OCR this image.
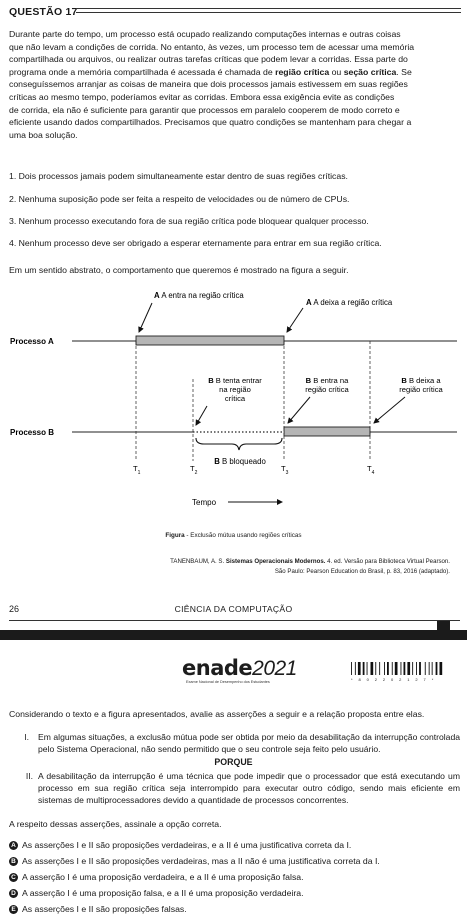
QUESTÃO 17
Durante parte do tempo, um processo está ocupado realizando computações internas e outras coisas
que não levam a condições de corrida. No entanto, às vezes, um processo tem de acessar uma memória
compartilhada ou arquivos, ou realizar outras tarefas críticas que podem levar a corridas. Essa parte do
programa onde a memória compartilhada é acessada é chamada de região crítica ou seção crítica. Se
conseguíssemos arranjar as coisas de maneira que dois processos jamais estivessem em suas regiões
críticas ao mesmo tempo, poderíamos evitar as corridas. Embora essa exigência evite as condições
de corrida, ela não é suficiente para garantir que processos em paralelo cooperem de modo correto e
eficiente usando dados compartilhados. Precisamos que quatro condições se mantenham para chegar a
uma boa solução.
1. Dois processos jamais podem simultaneamente estar dentro de suas regiões críticas.
2. Nenhuma suposição pode ser feita a respeito de velocidades ou de número de CPUs.
3. Nenhum processo executando fora de sua região crítica pode bloquear qualquer processo.
4. Nenhum processo deve ser obrigado a esperar eternamente para entrar em sua região crítica.
Em um sentido abstrato, o comportamento que queremos é mostrado na figura a seguir.
Processo A
Processo B
A A entra na região crítica
A A deixa a região crítica
B B tenta entrar
na região
crítica
B B entra na
região crítica
B B deixa a
região crítica
B B bloqueado
$T_1$	$T_2$	$T_3$	$T_4$
Tempo
Figura - Exclusão mútua usando regiões críticas
TANENBAUM, A. S. Sistemas Operacionais Modernos. 4. ed. Versão para Biblioteca Virtual Pearson.
São Paulo: Pearson Education do Brasil, p. 83, 2016 (adaptado).
26	CIÊNCIA DA COMPUTAÇÃO
enade2021
Exame Nacional de Desempenho dos Estudantes	* 8 0 2 2 0 2 1 2 7 *
Considerando o texto e a figura apresentados, avalie as asserções a seguir e a relação proposta entre elas.
I. Em algumas situações, a exclusão mútua pode ser obtida por meio da desabilitação da interrupção controlada pelo Sistema Operacional, não sendo permitido que o seu controle seja feito pelo usuário.
PORQUE
II. A desabilitação da interrupção é uma técnica que pode impedir que o processador que está executando um processo em sua região crítica seja interrompido para executar outro código, sendo mais eficiente em sistemas de multiprocessadores devido a quantidade de processos concorrentes.
A respeito dessas asserções, assinale a opção correta.
A As asserções I e II são proposições verdadeiras, e a II é uma justificativa correta da I.
B As asserções I e II são proposições verdadeiras, mas a II não é uma justificativa correta da I.
C A asserção I é uma proposição verdadeira, e a II é uma proposição falsa.
D A asserção I é uma proposição falsa, e a II é uma proposição verdadeira.
E As asserções I e II são proposições falsas.
